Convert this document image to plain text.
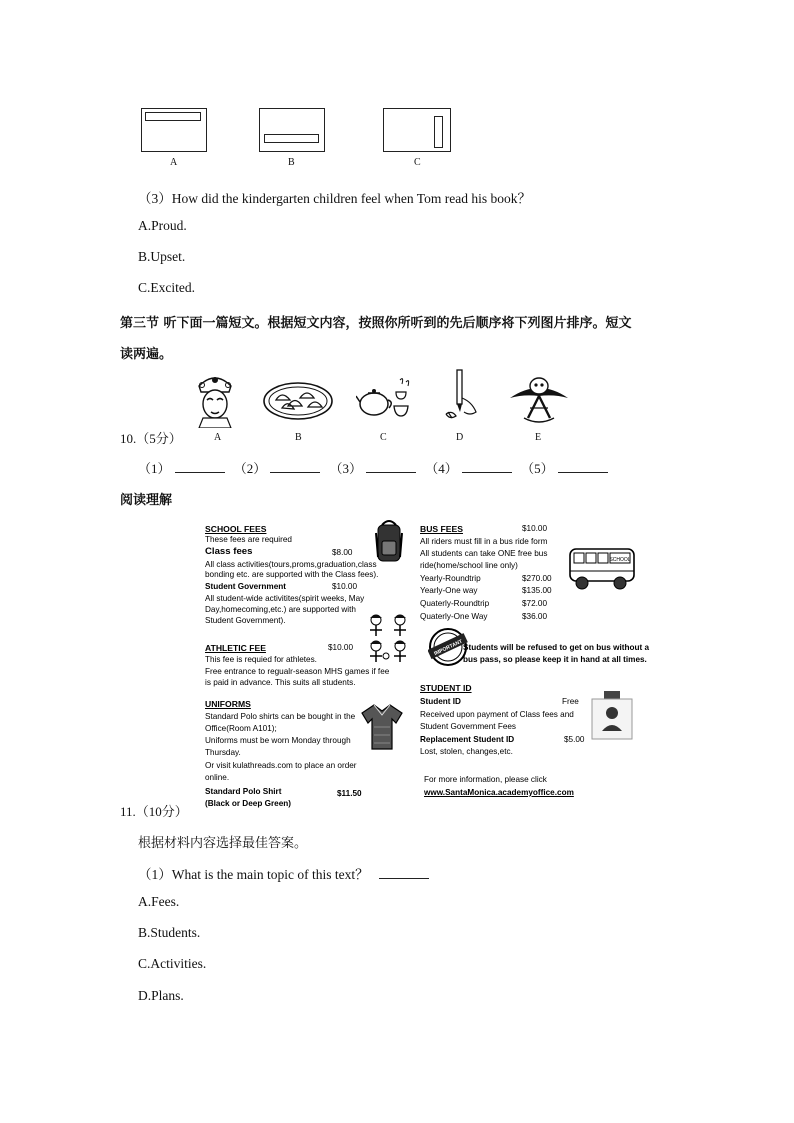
A	B	C
（3）How did the kindergarten children feel when Tom read his book？
A.Proud.
B.Upset.
C.Excited.
第三节 听下面一篇短文。根据短文内容，按照你所听到的先后顺序将下列图片排序。短文
读两遍。
A	B	C	D	E
10.（5分）
（1）	（2）	（3）	（4）	（5）
阅读理解
SCHOOL FEES
These fees are required
Class fees	$8.00
All class activities(tours,proms,graduation,class
bonding etc. are supported with the Class fees).
Student Government	$10.00
All student-wide activitites(spirit weeks, May
Day,homecoming,etc.) are supported with
Student Government).
ATHLETIC FEE	$10.00
This fee is requied for athletes.
Free entrance to regualr-season MHS games if fee
is paid in advance. This suits all students.
UNIFORMS
Standard Polo shirts can be bought in the
Office(Room A101);
Uniforms must be worn Monday through
Thursday.
Or visit kulathreads.com to place an order
online.
Standard Polo Shirt	$11.50
(Black or Deep Green)
BUS FEES	$10.00
All riders must fill in a bus ride form
All students can take ONE free bus
ride(home/school line only)
Yearly-Roundtrip	$270.00
Yearly-One way	$135.00
Quaterly-Roundtrip	$72.00
Quaterly-One Way	$36.00
SCHOOL
IMPORTANT Students will be refused to get on bus without a
bus pass, so please keep it in hand at all times.
STUDENT ID
Student ID	Free
Received upon payment of Class fees and
Student Government Fees
Replacement Student ID	$5.00
Lost, stolen, changes,etc.
For more information, please click
www.SantaMonica.academyoffice.com
11.（10分）
根据材料内容选择最佳答案。
（1）What is the main topic of this text？
A.Fees.
B.Students.
C.Activities.
D.Plans.
